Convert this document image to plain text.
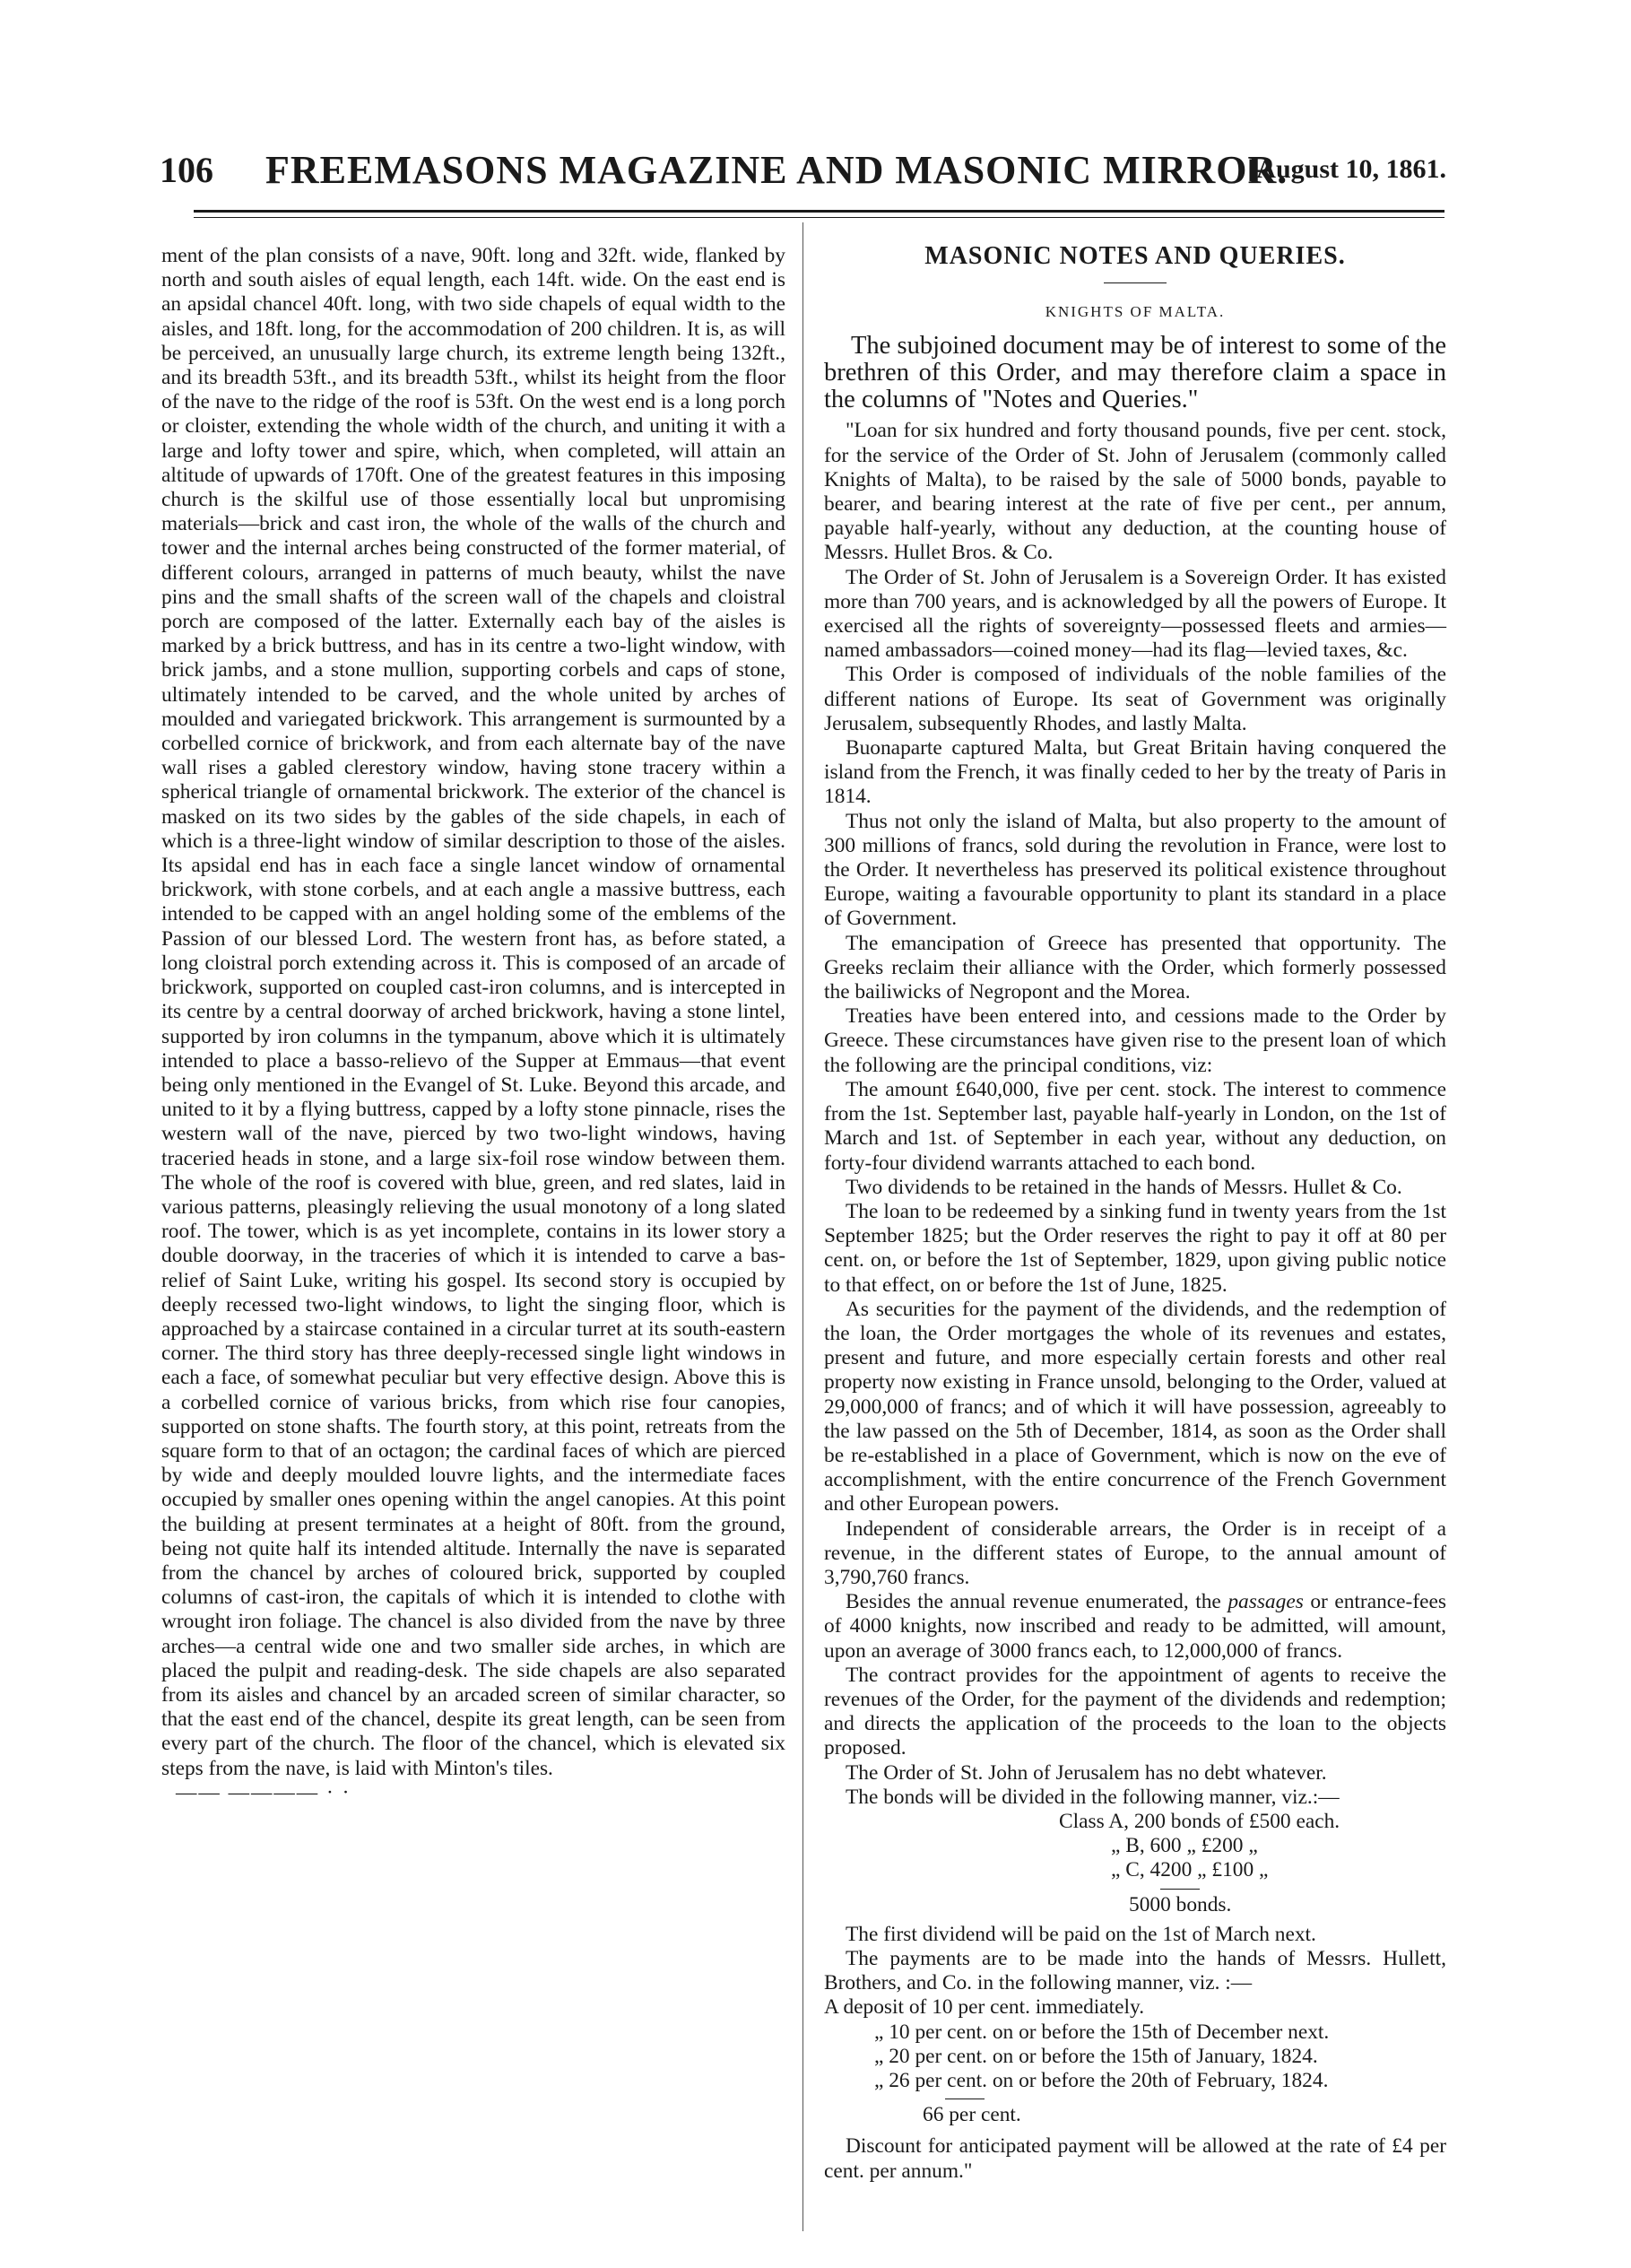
106 FREEMASONS MAGAZINE AND MASONIC MIRROR.
[August 10, 1861.

ment of the plan consists of a nave, 90ft. long and 32ft. wide, flanked by north and south aisles of equal length, each 14ft. wide. On the east end is an apsidal chancel 40ft. long, with two side chapels of equal width to the aisles, and 18ft. long, for the accommodation of 200 children. It is, as will be perceived, an unusually large church, its extreme length being 132ft., and its breadth 53ft., and its breadth 53ft., whilst its height from the floor of the nave to the ridge of the roof is 53ft. On the west end is a long porch or cloister, extending the whole width of the church, and uniting it with a large and lofty tower and spire, which, when completed, will attain an altitude of upwards of 170ft. One of the greatest features in this imposing church is the skilful use of those essentially local but unpromising materials—brick and cast iron, the whole of the walls of the church and tower and the internal arches being constructed of the former material, of different colours, arranged in patterns of much beauty, whilst the nave pins and the small shafts of the screen wall of the chapels and cloistral porch are composed of the latter. Externally each bay of the aisles is marked by a brick buttress, and has in its centre a two-light window, with brick jambs, and a stone mullion, supporting corbels and caps of stone, ultimately intended to be carved, and the whole united by arches of moulded and variegated brickwork. This arrangement is surmounted by a corbelled cornice of brickwork, and from each alternate bay of the nave wall rises a gabled clerestory window, having stone tracery within a spherical triangle of ornamental brickwork. The exterior of the chancel is masked on its two sides by the gables of the side chapels, in each of which is a three-light window of similar description to those of the aisles. Its apsidal end has in each face a single lancet window of ornamental brickwork, with stone corbels, and at each angle a massive buttress, each intended to be capped with an angel holding some of the emblems of the Passion of our blessed Lord. The western front has, as before stated, a long cloistral porch extending across it. This is composed of an arcade of brickwork, supported on coupled cast-iron columns, and is intercepted in its centre by a central doorway of arched brickwork, having a stone lintel, supported by iron columns in the tympanum, above which it is ultimately intended to place a basso-relievo of the Supper at Emmaus—that event being only mentioned in the Evangel of St. Luke. Beyond this arcade, and united to it by a flying buttress, capped by a lofty stone pinnacle, rises the western wall of the nave, pierced by two two-light windows, having traceried heads in stone, and a large six-foil rose window between them. The whole of the roof is covered with blue, green, and red slates, laid in various patterns, pleasingly relieving the usual monotony of a long slated roof. The tower, which is as yet incomplete, contains in its lower story a double doorway, in the traceries of which it is intended to carve a bas-relief of Saint Luke, writing his gospel. Its second story is occupied by deeply recessed two-light windows, to light the singing floor, which is approached by a staircase contained in a circular turret at its south-eastern corner. The third story has three deeply-recessed single light windows in each a face, of somewhat peculiar but very effective design. Above this is a corbelled cornice of various bricks, from which rise four canopies, supported on stone shafts. The fourth story, at this point, retreats from the square form to that of an octagon; the cardinal faces of which are pierced by wide and deeply moulded louvre lights, and the intermediate faces occupied by smaller ones opening within the angel canopies. At this point the building at present terminates at a height of 80ft. from the ground, being not quite half its intended altitude. Internally the nave is separated from the chancel by arches of coloured brick, supported by coupled columns of cast-iron, the capitals of which it is intended to clothe with wrought iron foliage. The chancel is also divided from the nave by three arches—a central wide one and two smaller side arches, in which are placed the pulpit and reading-desk. The side chapels are also separated from its aisles and chancel by an arcaded screen of similar character, so that the east end of the chancel, despite its great length, can be seen from every part of the church. The floor of the chancel, which is elevated six steps from the nave, is laid with Minton's tiles.

—— ———— · ·
MASONIC NOTES AND QUERIES.
KNIGHTS OF MALTA.

The subjoined document may be of interest to some of the brethren of this Order, and may therefore claim a space in the columns of "Notes and Queries."

"Loan for six hundred and forty thousand pounds, five per cent. stock, for the service of the Order of St. John of Jerusalem (commonly called Knights of Malta), to be raised by the sale of 5000 bonds, payable to bearer, and bearing interest at the rate of five per cent., per annum, payable half-yearly, without any deduction, at the counting house of Messrs. Hullet Bros. & Co.

The Order of St. John of Jerusalem is a Sovereign Order. It has existed more than 700 years, and is acknowledged by all the powers of Europe. It exercised all the rights of sovereignty—possessed fleets and armies—named ambassadors—coined money—had its flag—levied taxes, &c.

This Order is composed of individuals of the noble families of the different nations of Europe. Its seat of Government was originally Jerusalem, subsequently Rhodes, and lastly Malta.

Buonaparte captured Malta, but Great Britain having conquered the island from the French, it was finally ceded to her by the treaty of Paris in 1814.

Thus not only the island of Malta, but also property to the amount of 300 millions of francs, sold during the revolution in France, were lost to the Order. It nevertheless has preserved its political existence throughout Europe, waiting a favourable opportunity to plant its standard in a place of Government.

The emancipation of Greece has presented that opportunity. The Greeks reclaim their alliance with the Order, which formerly possessed the bailiwicks of Negropont and the Morea.

Treaties have been entered into, and cessions made to the Order by Greece. These circumstances have given rise to the present loan of which the following are the principal conditions, viz:

The amount £640,000, five per cent. stock. The interest to commence from the 1st. September last, payable half-yearly in London, on the 1st of March and 1st. of September in each year, without any deduction, on forty-four dividend warrants attached to each bond.

Two dividends to be retained in the hands of Messrs. Hullet & Co.

The loan to be redeemed by a sinking fund in twenty years from the 1st September 1825; but the Order reserves the right to pay it off at 80 per cent. on, or before the 1st of September, 1829, upon giving public notice to that effect, on or before the 1st of June, 1825.

As securities for the payment of the dividends, and the redemption of the loan, the Order mortgages the whole of its revenues and estates, present and future, and more especially certain forests and other real property now existing in France unsold, belonging to the Order, valued at 29,000,000 of francs; and of which it will have possession, agreeably to the law passed on the 5th of December, 1814, as soon as the Order shall be re-established in a place of Government, which is now on the eve of accomplishment, with the entire concurrence of the French Government and other European powers.

Independent of considerable arrears, the Order is in receipt of a revenue, in the different states of Europe, to the annual amount of 3,790,760 francs.

Besides the annual revenue enumerated, the passages or entrance-fees of 4000 knights, now inscribed and ready to be admitted, will amount, upon an average of 3000 francs each, to 12,000,000 of francs.

The contract provides for the appointment of agents to receive the revenues of the Order, for the payment of the dividends and redemption; and directs the application of the proceeds to the loan to the objects proposed.

The Order of St. John of Jerusalem has no debt whatever.

The bonds will be divided in the following manner, viz.:—

Class A, 200 bonds of £500 each.

„ B, 600 „ £200 „

„ C, 4200 „ £100 „

5000 bonds.

The first dividend will be paid on the 1st of March next.

The payments are to be made into the hands of Messrs. Hullett, Brothers, and Co. in the following manner, viz. :—

A deposit of 10 per cent. immediately.

„ 10 per cent. on or before the 15th of December next.

„ 20 per cent. on or before the 15th of January, 1824.

„ 26 per cent. on or before the 20th of February, 1824.

66 per cent.

Discount for anticipated payment will be allowed at the rate of £4 per cent. per annum."
